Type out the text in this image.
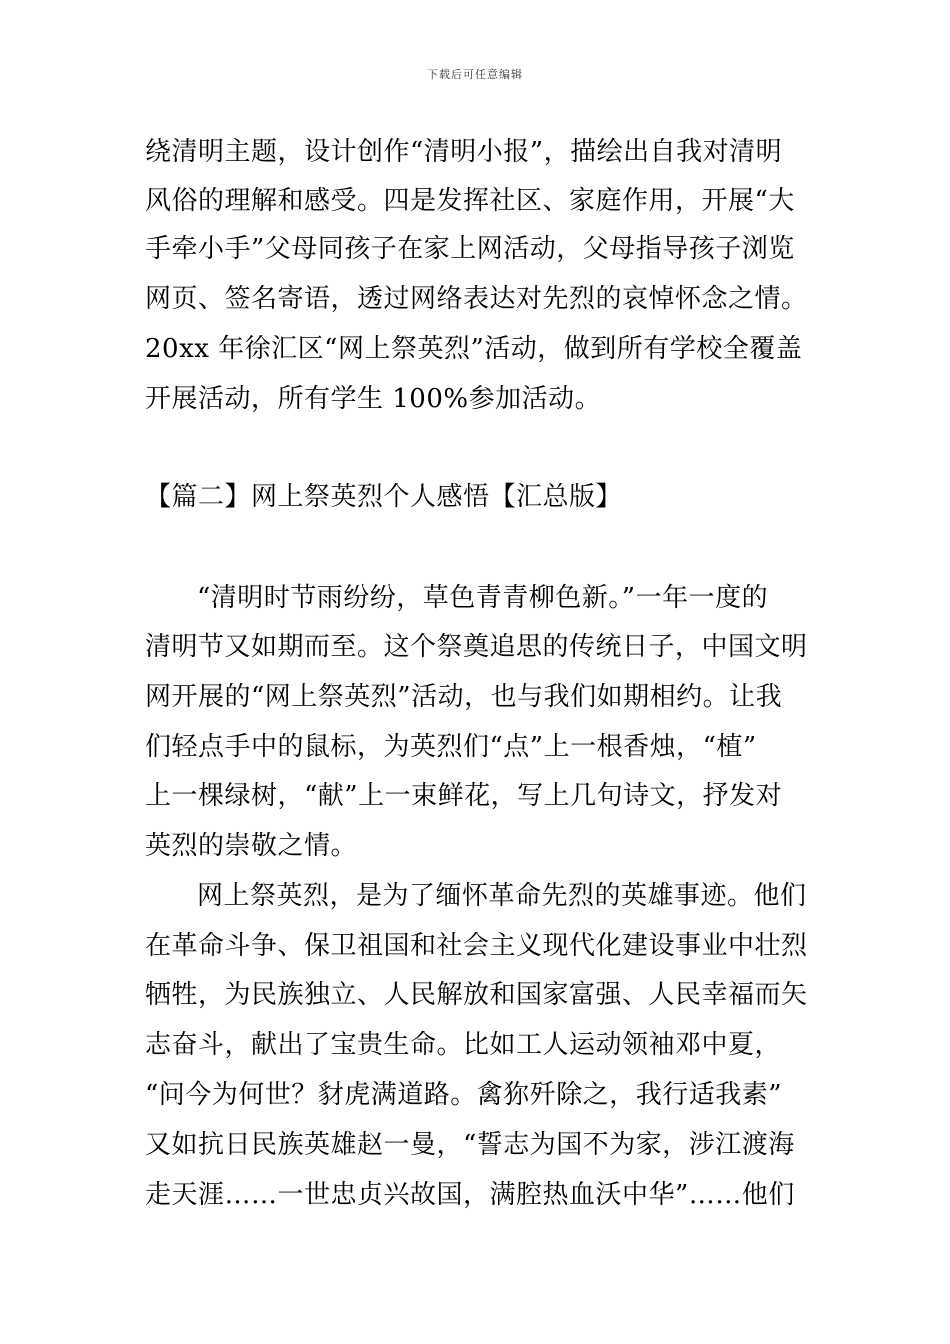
下载后可任意编辑
绕清明主题，设计创作“清明小报”，描绘出自我对清明
风俗的理解和感受。四是发挥社区、家庭作用，开展“大
手牵小手”父母同孩子在家上网活动，父母指导孩子浏览
网页、签名寄语，透过网络表达对先烈的哀悼怀念之情。
20xx 年徐汇区“网上祭英烈”活动，做到所有学校全覆盖
开展活动，所有学生 100%参加活动。
【篇二】网上祭英烈个人感悟【汇总版】
“清明时节雨纷纷，草色青青柳色新。”一年一度的
清明节又如期而至。这个祭奠追思的传统日子，中国文明
网开展的“网上祭英烈”活动，也与我们如期相约。让我
们轻点手中的鼠标，为英烈们“点”上一根香烛，“植”
上一棵绿树，“献”上一束鲜花，写上几句诗文，抒发对
英烈的崇敬之情。
网上祭英烈，是为了缅怀革命先烈的英雄事迹。他们
在革命斗争、保卫祖国和社会主义现代化建设事业中壮烈
牺牲，为民族独立、人民解放和国家富强、人民幸福而矢
志奋斗，献出了宝贵生命。比如工人运动领袖邓中夏，
“问今为何世？豺虎满道路。禽狝歼除之，我行适我素”
又如抗日民族英雄赵一曼，“誓志为国不为家，涉江渡海
走天涯……一世忠贞兴故国，满腔热血沃中华”……他们
